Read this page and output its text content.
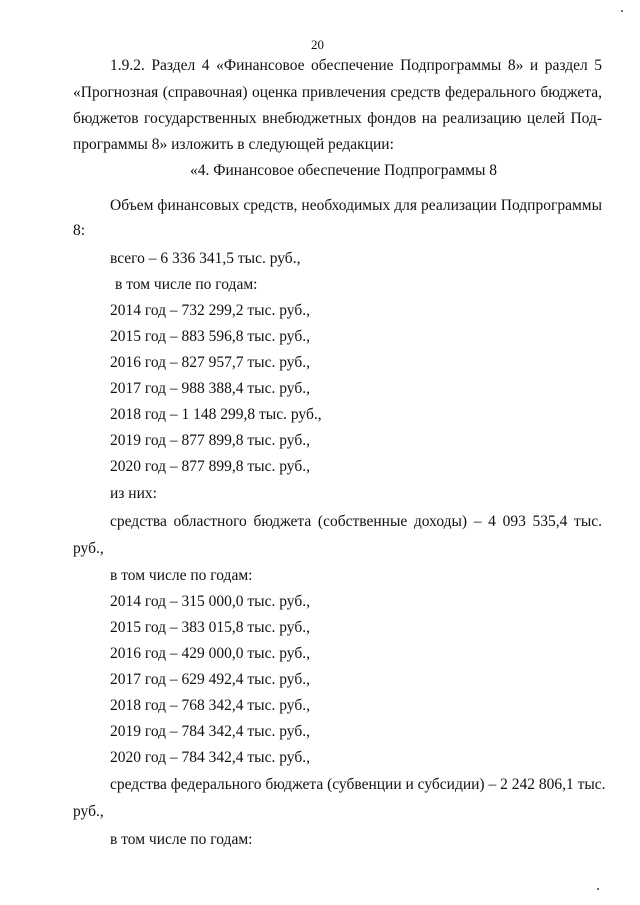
20
1.9.2. Раздел 4 «Финансовое обеспечение Подпрограммы 8» и раздел 5
«Прогнозная (справочная) оценка привлечения средств федерального бюджета,
бюджетов государственных внебюджетных фондов на реализацию целей Под-
программы 8» изложить в следующей редакции:
«4. Финансовое обеспечение Подпрограммы 8
Объем финансовых средств, необходимых для реализации Подпрограммы
8:
всего – 6 336 341,5 тыс. руб.,
в том числе по годам:
2014 год – 732 299,2 тыс. руб.,
2015 год – 883 596,8 тыс. руб.,
2016 год – 827 957,7 тыс. руб.,
2017 год – 988 388,4 тыс. руб.,
2018 год – 1 148 299,8 тыс. руб.,
2019 год – 877 899,8 тыс. руб.,
2020 год – 877 899,8 тыс. руб.,
из них:
средства областного бюджета (собственные доходы) – 4 093 535,4 тыс.
руб.,
в том числе по годам:
2014 год – 315 000,0 тыс. руб.,
2015 год – 383 015,8 тыс. руб.,
2016 год – 429 000,0 тыс. руб.,
2017 год – 629 492,4 тыс. руб.,
2018 год – 768 342,4 тыс. руб.,
2019 год – 784 342,4 тыс. руб.,
2020 год – 784 342,4 тыс. руб.,
средства федерального бюджета (субвенции и субсидии) – 2 242 806,1 тыс.
руб.,
в том числе по годам:
